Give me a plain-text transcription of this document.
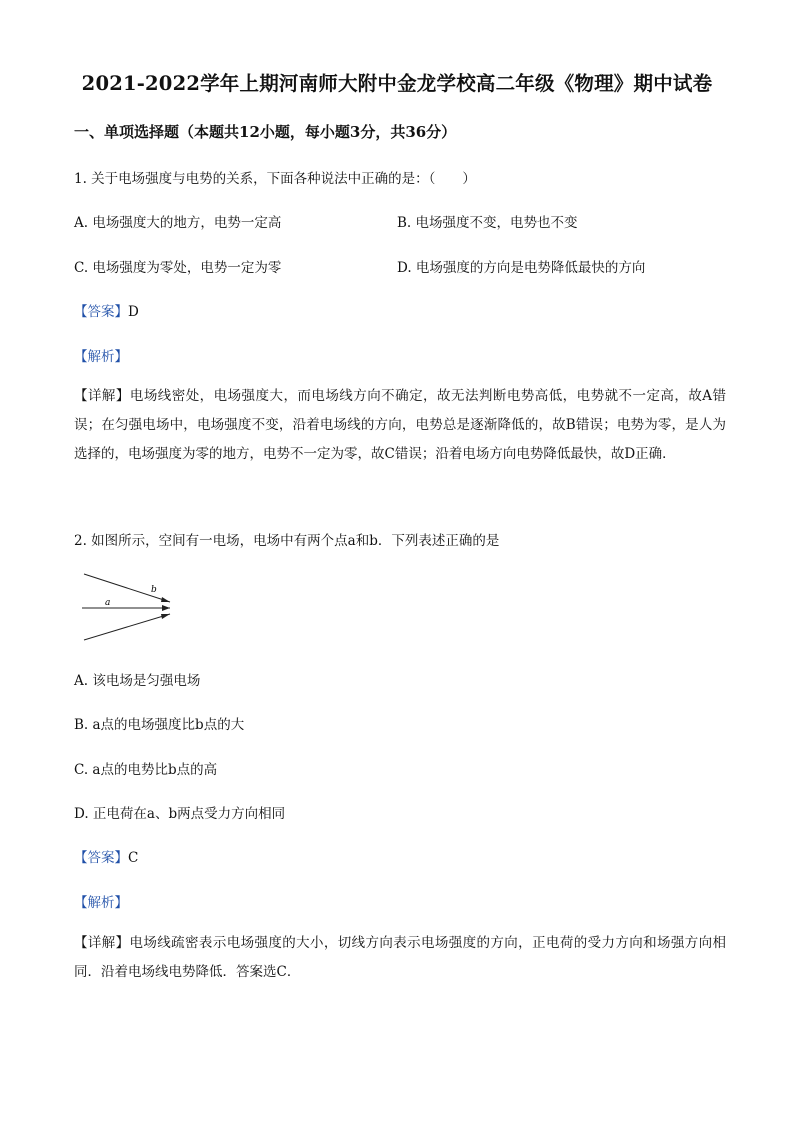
2021-2022学年上期河南师大附中金龙学校高二年级《物理》期中试卷
一、单项选择题（本题共12小题，每小题3分，共36分）
1. 关于电场强度与电势的关系，下面各种说法中正确的是：（　　）
A. 电场强度大的地方，电势一定高	B. 电场强度不变，电势也不变
C. 电场强度为零处，电势一定为零	D. 电场强度的方向是电势降低最快的方向
【答案】D
【解析】
【详解】电场线密处，电场强度大，而电场线方向不确定，故无法判断电势高低，电势就不一定高，故A错误；在匀强电场中，电场强度不变，沿着电场线的方向，电势总是逐渐降低的，故B错误；电势为零，是人为选择的，电场强度为零的地方，电势不一定为零，故C错误；沿着电场方向电势降低最快，故D正确．
2. 如图所示，空间有一电场，电场中有两个点a和b．下列表述正确的是
a
b
A. 该电场是匀强电场
B. a点的电场强度比b点的大
C. a点的电势比b点的高
D. 正电荷在a、b两点受力方向相同
【答案】C
【解析】
【详解】电场线疏密表示电场强度的大小，切线方向表示电场强度的方向，正电荷的受力方向和场强方向相同．沿着电场线电势降低．答案选C．
